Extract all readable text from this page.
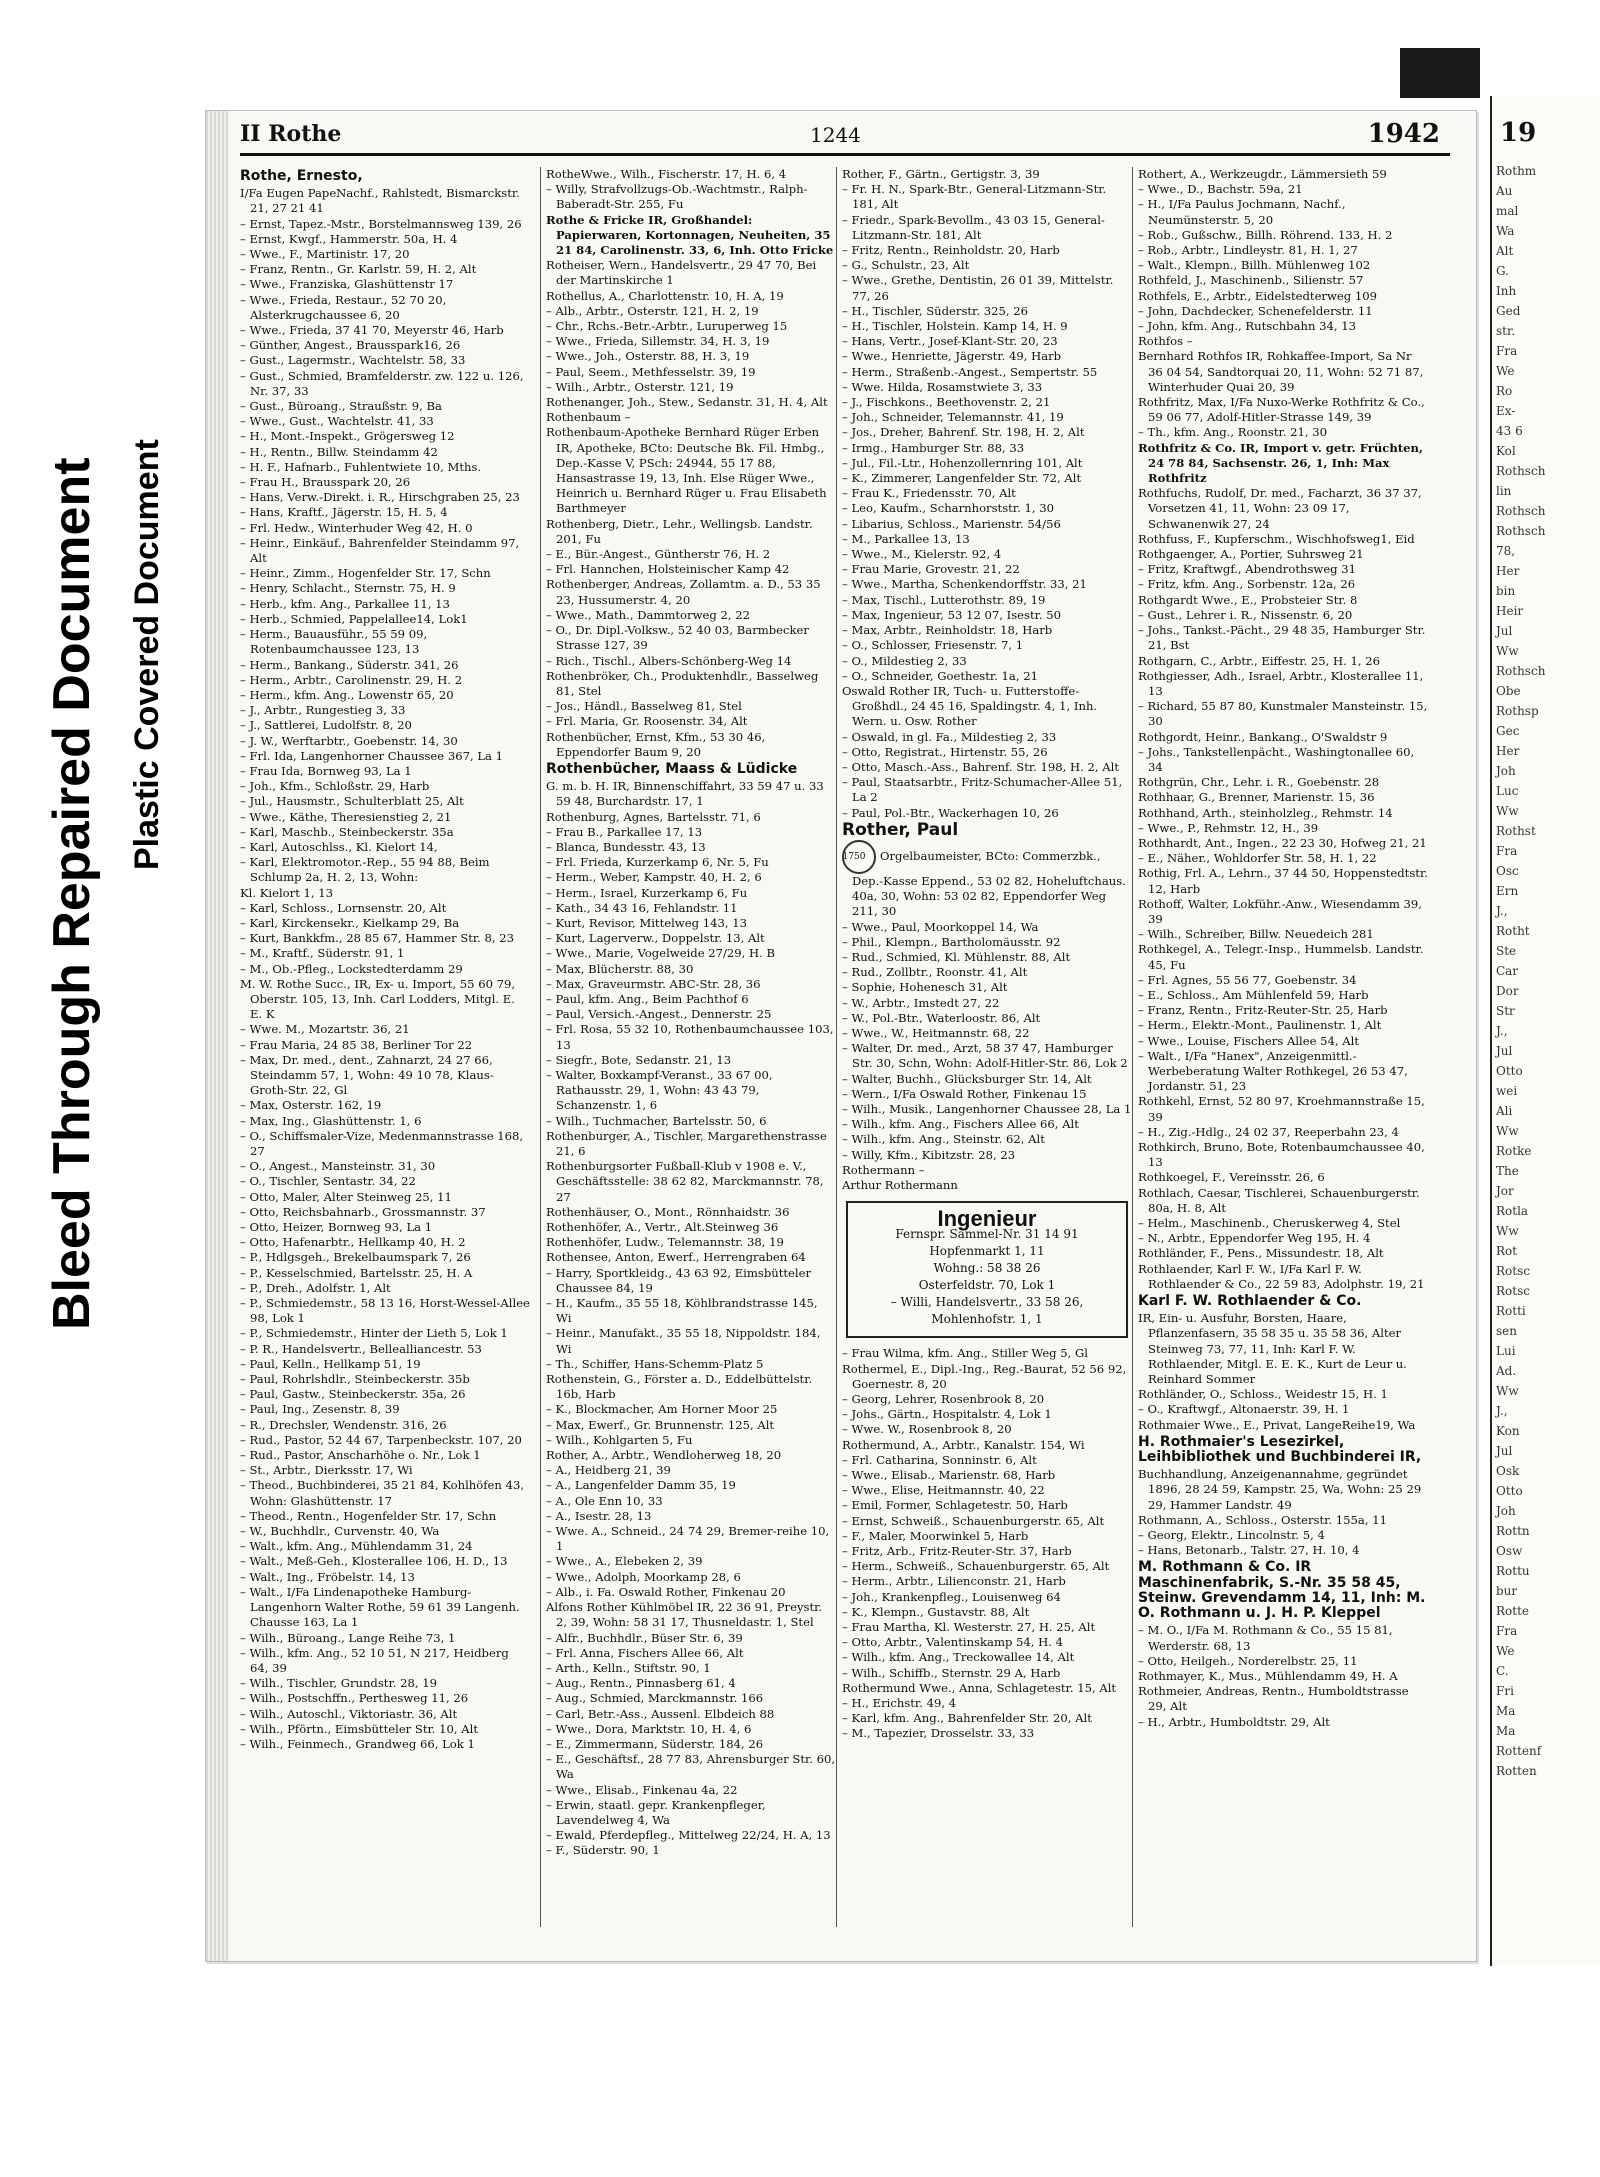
19
Rothm
Au
mal
Wa
Alt
G.
Inh
Ged
str.
Fra
We
Ro
Ex-
43 6
Kol
Rothsch
lin
Rothsch
Rothsch
78,
Her
bin
Heir
Jul
Ww
Rothsch
Obe
Rothsp
Gec
Her
Joh
Luc
Ww
Rothst
Fra
Osc
Ern
J.,
Rotht
Ste
Car
Dor
Str
J.,
Jul
Otto
wei
Ali
Ww
Rotke
The
Jor
Rotla
Ww
Rot
Rotsc
Rotsc
Rotti
sen
Lui
Ad.
Ww
J.,
Kon
Jul
Osk
Otto
Joh
Rottn
Osw
Rottu
bur
Rotte
Fra
We
C.
Fri
Ma
Ma
Rottenf
Rotten
Bleed Through Repaired Document Plastic Covered Document
II Rothe	1244	1942
Rothe, Ernesto,
I/Fa Eugen PapeNachf., Rahlstedt, Bismarckstr. 21, 27 21 41
– Ernst, Tapez.-Mstr., Borstelmannsweg 139, 26
– Ernst, Kwgf., Hammerstr. 50a, H. 4
– Wwe., F., Martinistr. 17, 20
– Franz, Rentn., Gr. Karlstr. 59, H. 2, Alt
– Wwe., Franziska, Glashüttenstr 17
– Wwe., Frieda, Restaur., 52 70 20, Alsterkrugchaussee 6, 20
– Wwe., Frieda, 37 41 70, Meyerstr 46, Harb
– Günther, Angest., Brausspark16, 26
– Gust., Lagermstr., Wachtelstr. 58, 33
– Gust., Schmied, Bramfelderstr. zw. 122 u. 126, Nr. 37, 33
– Gust., Büroang., Straußstr. 9, Ba
– Wwe., Gust., Wachtelstr. 41, 33
– H., Mont.-Inspekt., Grögersweg 12
– H., Rentn., Billw. Steindamm 42
– H. F., Hafnarb., Fuhlentwiete 10, Mths.
– Frau H., Brausspark 20, 26
– Hans, Verw.-Direkt. i. R., Hirschgraben 25, 23
– Hans, Kraftf., Jägerstr. 15, H. 5, 4
– Frl. Hedw., Winterhuder Weg 42, H. 0
– Heinr., Einkäuf., Bahrenfelder Steindamm 97, Alt
– Heinr., Zimm., Hogenfelder Str. 17, Schn
– Henry, Schlacht., Sternstr. 75, H. 9
– Herb., kfm. Ang., Parkallee 11, 13
– Herb., Schmied, Pappelallee14, Lok1
– Herm., Bauausführ., 55 59 09, Rotenbaumchaussee 123, 13
– Herm., Bankang., Süderstr. 341, 26
– Herm., Arbtr., Carolinenstr. 29, H. 2
– Herm., kfm. Ang., Lowenstr 65, 20
– J., Arbtr., Rungestieg 3, 33
– J., Sattlerei, Ludolfstr. 8, 20
– J. W., Werftarbtr., Goebenstr. 14, 30
– Frl. Ida, Langenhorner Chaussee 367, La 1
– Frau Ida, Bornweg 93, La 1
– Joh., Kfm., Schloßstr. 29, Harb
– Jul., Hausmstr., Schulterblatt 25, Alt
– Wwe., Käthe, Theresienstieg 2, 21
– Karl, Maschb., Steinbeckerstr. 35a
– Karl, Autoschlss., Kl. Kielort 14,
– Karl, Elektromotor.-Rep., 55 94 88, Beim Schlump 2a, H. 2, 13, Wohn:
Kl. Kielort 1, 13
– Karl, Schloss., Lornsenstr. 20, Alt
– Karl, Kirckensekr., Kielkamp 29, Ba
– Kurt, Bankkfm., 28 85 67, Hammer Str. 8, 23
– M., Kraftf., Süderstr. 91, 1
– M., Ob.-Pfleg., Lockstedterdamm 29
M. W. Rothe Succ., IR, Ex- u. Import, 55 60 79, Oberstr. 105, 13, Inh. Carl Lodders, Mitgl. E. E. K
– Wwe. M., Mozartstr. 36, 21
– Frau Maria, 24 85 38, Berliner Tor 22
– Max, Dr. med., dent., Zahnarzt, 24 27 66, Steindamm 57, 1, Wohn: 49 10 78, Klaus-Groth-Str. 22, Gl
– Max, Osterstr. 162, 19
– Max, Ing., Glashüttenstr. 1, 6
– O., Schiffsmaler-Vize, Medenmannstrasse 168, 27
– O., Angest., Mansteinstr. 31, 30
– O., Tischler, Sentastr. 34, 22
– Otto, Maler, Alter Steinweg 25, 11
– Otto, Reichsbahnarb., Grossmannstr. 37
– Otto, Heizer, Bornweg 93, La 1
– Otto, Hafenarbtr., Hellkamp 40, H. 2
– P., Hdlgsgeh., Brekelbaumspark 7, 26
– P., Kesselschmied, Bartelsstr. 25, H. A
– P., Dreh., Adolfstr. 1, Alt
– P., Schmiedemstr., 58 13 16, Horst-Wessel-Allee 98, Lok 1
– P., Schmiedemstr., Hinter der Lieth 5, Lok 1
– P. R., Handelsvertr., Bellealliancestr. 53
– Paul, Kelln., Hellkamp 51, 19
– Paul, Rohrlshdlr., Steinbeckerstr. 35b
– Paul, Gastw., Steinbeckerstr. 35a, 26
– Paul, Ing., Zesenstr. 8, 39
– R., Drechsler, Wendenstr. 316, 26
– Rud., Pastor, 52 44 67, Tarpenbeckstr. 107, 20
– Rud., Pastor, Anscharhöhe o. Nr., Lok 1
– St., Arbtr., Dierksstr. 17, Wi
– Theod., Buchbinderei, 35 21 84, Kohlhöfen 43, Wohn: Glashüttenstr. 17
– Theod., Rentn., Hogenfelder Str. 17, Schn
– W., Buchhdlr., Curvenstr. 40, Wa
– Walt., kfm. Ang., Mühlendamm 31, 24
– Walt., Meß-Geh., Klosterallee 106, H. D., 13
– Walt., Ing., Fröbelstr. 14, 13
– Walt., I/Fa Lindenapotheke Hamburg-Langenhorn Walter Rothe, 59 61 39 Langenh. Chausse 163, La 1
– Wilh., Büroang., Lange Reihe 73, 1
– Wilh., kfm. Ang., 52 10 51, N 217, Heidberg 64, 39
– Wilh., Tischler, Grundstr. 28, 19
– Wilh., Postschffn., Perthesweg 11, 26
– Wilh., Autoschl., Viktoriastr. 36, Alt
– Wilh., Pförtn., Eimsbütteler Str. 10, Alt
– Wilh., Feinmech., Grandweg 66, Lok 1
RotheWwe., Wilh., Fischerstr. 17, H. 6, 4
– Willy, Strafvollzugs-Ob.-Wachtmstr., Ralph-Baberadt-Str. 255, Fu
Rothe & Fricke IR, Großhandel: Papierwaren, Kortonnagen, Neuheiten, 35 21 84, Carolinenstr. 33, 6, Inh. Otto Fricke
Rotheiser, Wern., Handelsvertr., 29 47 70, Bei der Martinskirche 1
Rothellus, A., Charlottenstr. 10, H. A, 19
– Alb., Arbtr., Osterstr. 121, H. 2, 19
– Chr., Rchs.-Betr.-Arbtr., Luruperweg 15
– Wwe., Frieda, Sillemstr. 34, H. 3, 19
– Wwe., Joh., Osterstr. 88, H. 3, 19
– Paul, Seem., Methfesselstr. 39, 19
– Wilh., Arbtr., Osterstr. 121, 19
Rothenanger, Joh., Stew., Sedanstr. 31, H. 4, Alt
Rothenbaum –
Rothenbaum-Apotheke Bernhard Rüger Erben IR, Apotheke, BCto: Deutsche Bk. Fil. Hmbg., Dep.-Kasse V, PSch: 24944, 55 17 88, Hansastrasse 19, 13, Inh. Else Rüger Wwe., Heinrich u. Bernhard Rüger u. Frau Elisabeth Barthmeyer
Rothenberg, Dietr., Lehr., Wellingsb. Landstr. 201, Fu
– E., Bür.-Angest., Güntherstr 76, H. 2
– Frl. Hannchen, Holsteinischer Kamp 42
Rothenberger, Andreas, Zollamtm. a. D., 53 35 23, Hussumerstr. 4, 20
– Wwe., Math., Dammtorweg 2, 22
– O., Dr. Dipl.-Volksw., 52 40 03, Barmbecker Strasse 127, 39
– Rich., Tischl., Albers-Schönberg-Weg 14
Rothenbröker, Ch., Produktenhdlr., Basselweg 81, Stel
– Jos., Händl., Basselweg 81, Stel
– Frl. Maria, Gr. Roosenstr. 34, Alt
Rothenbücher, Ernst, Kfm., 53 30 46, Eppendorfer Baum 9, 20
Rothenbücher, Maass & Lüdicke
G. m. b. H. IR, Binnenschiffahrt, 33 59 47 u. 33 59 48, Burchardstr. 17, 1
Rothenburg, Agnes, Bartelsstr. 71, 6
– Frau B., Parkallee 17, 13
– Blanca, Bundesstr. 43, 13
– Frl. Frieda, Kurzerkamp 6, Nr. 5, Fu
– Herm., Weber, Kampstr. 40, H. 2, 6
– Herm., Israel, Kurzerkamp 6, Fu
– Kath., 34 43 16, Fehlandstr. 11
– Kurt, Revisor, Mittelweg 143, 13
– Kurt, Lagerverw., Doppelstr. 13, Alt
– Wwe., Marie, Vogelweide 27/29, H. B
– Max, Blücherstr. 88, 30
– Max, Graveurmstr. ABC-Str. 28, 36
– Paul, kfm. Ang., Beim Pachthof 6
– Paul, Versich.-Angest., Dennerstr. 25
– Frl. Rosa, 55 32 10, Rothenbaumchaussee 103, 13
– Siegfr., Bote, Sedanstr. 21, 13
– Walter, Boxkampf-Veranst., 33 67 00, Rathausstr. 29, 1, Wohn: 43 43 79, Schanzenstr. 1, 6
– Wilh., Tuchmacher, Bartelsstr. 50, 6
Rothenburger, A., Tischler, Margarethenstrasse 21, 6
Rothenburgsorter Fußball-Klub v 1908 e. V., Geschäftsstelle: 38 62 82, Marckmannstr. 78, 27
Rothenhäuser, O., Mont., Rönnhaidstr. 36
Rothenhöfer, A., Vertr., Alt.Steinweg 36
Rothenhöfer, Ludw., Telemannstr. 38, 19
Rothensee, Anton, Ewerf., Herrengraben 64
– Harry, Sportkleidg., 43 63 92, Eimsbütteler Chaussee 84, 19
– H., Kaufm., 35 55 18, Köhlbrandstrasse 145, Wi
– Heinr., Manufakt., 35 55 18, Nippoldstr. 184, Wi
– Th., Schiffer, Hans-Schemm-Platz 5
Rothenstein, G., Förster a. D., Eddelbüttelstr. 16b, Harb
– K., Blockmacher, Am Horner Moor 25
– Max, Ewerf., Gr. Brunnenstr. 125, Alt
– Wilh., Kohlgarten 5, Fu
Rother, A., Arbtr., Wendloherweg 18, 20
– A., Heidberg 21, 39
– A., Langenfelder Damm 35, 19
– A., Ole Enn 10, 33
– A., Isestr. 28, 13
– Wwe. A., Schneid., 24 74 29, Bremer-reihe 10, 1
– Wwe., A., Elebeken 2, 39
– Wwe., Adolph, Moorkamp 28, 6
– Alb., i. Fa. Oswald Rother, Finkenau 20
Alfons Rother Kühlmöbel IR, 22 36 91, Preystr. 2, 39, Wohn: 58 31 17, Thusneldastr. 1, Stel
– Alfr., Buchhdlr., Büser Str. 6, 39
– Frl. Anna, Fischers Allee 66, Alt
– Arth., Kelln., Stiftstr. 90, 1
– Aug., Rentn., Pinnasberg 61, 4
– Aug., Schmied, Marckmannstr. 166
– Carl, Betr.-Ass., Aussenl. Elbdeich 88
– Wwe., Dora, Marktstr. 10, H. 4, 6
– E., Zimmermann, Süderstr. 184, 26
– E., Geschäftsf., 28 77 83, Ahrensburger Str. 60, Wa
– Wwe., Elisab., Finkenau 4a, 22
– Erwin, staatl. gepr. Krankenpfleger, Lavendelweg 4, Wa
– Ewald, Pferdepfleg., Mittelweg 22/24, H. A, 13
– F., Süderstr. 90, 1
Rother, F., Gärtn., Gertigstr. 3, 39
– Fr. H. N., Spark-Btr., General-Litzmann-Str. 181, Alt
– Friedr., Spark-Bevollm., 43 03 15, General-Litzmann-Str. 181, Alt
– Fritz, Rentn., Reinholdstr. 20, Harb
– G., Schulstr., 23, Alt
– Wwe., Grethe, Dentistin, 26 01 39, Mittelstr. 77, 26
– H., Tischler, Süderstr. 325, 26
– H., Tischler, Holstein. Kamp 14, H. 9
– Hans, Vertr., Josef-Klant-Str. 20, 23
– Wwe., Henriette, Jägerstr. 49, Harb
– Herm., Straßenb.-Angest., Sempertstr. 55
– Wwe. Hilda, Rosamstwiete 3, 33
– J., Fischkons., Beethovenstr. 2, 21
– Joh., Schneider, Telemannstr. 41, 19
– Jos., Dreher, Bahrenf. Str. 198, H. 2, Alt
– Irmg., Hamburger Str. 88, 33
– Jul., Fil.-Ltr., Hohenzollernring 101, Alt
– K., Zimmerer, Langenfelder Str. 72, Alt
– Frau K., Friedensstr. 70, Alt
– Leo, Kaufm., Scharnhorststr. 1, 30
– Libarius, Schloss., Marienstr. 54/56
– M., Parkallee 13, 13
– Wwe., M., Kielerstr. 92, 4
– Frau Marie, Grovestr. 21, 22
– Wwe., Martha, Schenkendorffstr. 33, 21
– Max, Tischl., Lutterothstr. 89, 19
– Max, Ingenieur, 53 12 07, Isestr. 50
– Max, Arbtr., Reinholdstr. 18, Harb
– O., Schlosser, Friesenstr. 7, 1
– O., Mildestieg 2, 33
– O., Schneider, Goethestr. 1a, 21
Oswald Rother IR, Tuch- u. Futterstoffe-Großhdl., 24 45 16, Spaldingstr. 4, 1, Inh. Wern. u. Osw. Rother
– Oswald, in gl. Fa., Mildestieg 2, 33
– Otto, Registrat., Hirtenstr. 55, 26
– Otto, Masch.-Ass., Bahrenf. Str. 198, H. 2, Alt
– Paul, Staatsarbtr., Fritz-Schumacher-Allee 51, La 2
– Paul, Pol.-Btr., Wackerhagen 10, 26
Rother, Paul
1750 Orgelbaumeister, BCto: Commerzbk., Dep.-Kasse Eppend., 53 02 82, Hoheluftchaus. 40a, 30, Wohn: 53 02 82, Eppendorfer Weg 211, 30
– Wwe., Paul, Moorkoppel 14, Wa
– Phil., Klempn., Bartholomäusstr. 92
– Rud., Schmied, Kl. Mühlenstr. 88, Alt
– Rud., Zollbtr., Roonstr. 41, Alt
– Sophie, Hohenesch 31, Alt
– W., Arbtr., Imstedt 27, 22
– W., Pol.-Btr., Waterloostr. 86, Alt
– Wwe., W., Heitmannstr. 68, 22
– Walter, Dr. med., Arzt, 58 37 47, Hamburger Str. 30, Schn, Wohn: Adolf-Hitler-Str. 86, Lok 2
– Walter, Buchh., Glücksburger Str. 14, Alt
– Wern., I/Fa Oswald Rother, Finkenau 15
– Wilh., Musik., Langenhorner Chaussee 28, La 1
– Wilh., kfm. Ang., Fischers Allee 66, Alt
– Wilh., kfm. Ang., Steinstr. 62, Alt
– Willy, Kfm., Kibitzstr. 28, 23
Rothermann –
Arthur Rothermann
Ingenieur
Fernspr. Sammel-Nr. 31 14 91
Hopfenmarkt 1, 11
Wohng.: 58 38 26
Osterfeldstr. 70, Lok 1
– Willi, Handelsvertr., 33 58 26, Mohlenhofstr. 1, 1
– Frau Wilma, kfm. Ang., Stiller Weg 5, Gl
Rothermel, E., Dipl.-Ing., Reg.-Baurat, 52 56 92, Goernestr. 8, 20
– Georg, Lehrer, Rosenbrook 8, 20
– Johs., Gärtn., Hospitalstr. 4, Lok 1
– Wwe. W., Rosenbrook 8, 20
Rothermund, A., Arbtr., Kanalstr. 154, Wi
– Frl. Catharina, Sonninstr. 6, Alt
– Wwe., Elisab., Marienstr. 68, Harb
– Wwe., Elise, Heitmannstr. 40, 22
– Emil, Former, Schlagetestr. 50, Harb
– Ernst, Schweiß., Schauenburgerstr. 65, Alt
– F., Maler, Moorwinkel 5, Harb
– Fritz, Arb., Fritz-Reuter-Str. 37, Harb
– Herm., Schweiß., Schauenburgerstr. 65, Alt
– Herm., Arbtr., Lilienconstr. 21, Harb
– Joh., Krankenpfleg., Louisenweg 64
– K., Klempn., Gustavstr. 88, Alt
– Frau Martha, Kl. Westerstr. 27, H. 25, Alt
– Otto, Arbtr., Valentinskamp 54, H. 4
– Wilh., kfm. Ang., Treckowallee 14, Alt
– Wilh., Schiffb., Sternstr. 29 A, Harb
Rothermund Wwe., Anna, Schlagetestr. 15, Alt
– H., Erichstr. 49, 4
– Karl, kfm. Ang., Bahrenfelder Str. 20, Alt
– M., Tapezier, Drosselstr. 33, 33
Rothert, A., Werkzeugdr., Lämmersieth 59
– Wwe., D., Bachstr. 59a, 21
– H., I/Fa Paulus Jochmann, Nachf., Neumünsterstr. 5, 20
– Rob., Gußschw., Billh. Röhrend. 133, H. 2
– Rob., Arbtr., Lindleystr. 81, H. 1, 27
– Walt., Klempn., Billh. Mühlenweg 102
Rothfeld, J., Maschinenb., Silienstr. 57
Rothfels, E., Arbtr., Eidelstedterweg 109
– John, Dachdecker, Schenefelderstr. 11
– John, kfm. Ang., Rutschbahn 34, 13
Rothfos –
Bernhard Rothfos IR, Rohkaffee-Import, Sa Nr 36 04 54, Sandtorquai 20, 11, Wohn: 52 71 87, Winterhuder Quai 20, 39
Rothfritz, Max, I/Fa Nuxo-Werke Rothfritz & Co., 59 06 77, Adolf-Hitler-Strasse 149, 39
– Th., kfm. Ang., Roonstr. 21, 30
Rothfritz & Co. IR, Import v. getr. Früchten, 24 78 84, Sachsenstr. 26, 1, Inh: Max Rothfritz
Rothfuchs, Rudolf, Dr. med., Facharzt, 36 37 37, Vorsetzen 41, 11, Wohn: 23 09 17, Schwanenwik 27, 24
Rothfuss, F., Kupferschm., Wischhofsweg1, Eid
Rothgaenger, A., Portier, Suhrsweg 21
– Fritz, Kraftwgf., Abendrothsweg 31
– Fritz, kfm. Ang., Sorbenstr. 12a, 26
Rothgardt Wwe., E., Probsteier Str. 8
– Gust., Lehrer i. R., Nissenstr. 6, 20
– Johs., Tankst.-Pächt., 29 48 35, Hamburger Str. 21, Bst
Rothgarn, C., Arbtr., Eiffestr. 25, H. 1, 26
Rothgiesser, Adh., Israel, Arbtr., Klosterallee 11, 13
– Richard, 55 87 80, Kunstmaler Mansteinstr. 15, 30
Rothgordt, Heinr., Bankang., O'Swaldstr 9
– Johs., Tankstellenpächt., Washingtonallee 60, 34
Rothgrün, Chr., Lehr. i. R., Goebenstr. 28
Rothhaar, G., Brenner, Marienstr. 15, 36
Rothhand, Arth., steinholzleg., Rehmstr. 14
– Wwe., P., Rehmstr. 12, H., 39
Rothhardt, Ant., Ingen., 22 23 30, Hofweg 21, 21
– E., Näher., Wohldorfer Str. 58, H. 1, 22
Rothig, Frl. A., Lehrn., 37 44 50, Hoppenstedtstr. 12, Harb
Rothoff, Walter, Lokführ.-Anw., Wiesendamm 39, 39
– Wilh., Schreiber, Billw. Neuedeich 281
Rothkegel, A., Telegr.-Insp., Hummelsb. Landstr. 45, Fu
– Frl. Agnes, 55 56 77, Goebenstr. 34
– E., Schloss., Am Mühlenfeld 59, Harb
– Franz, Rentn., Fritz-Reuter-Str. 25, Harb
– Herm., Elektr.-Mont., Paulinenstr. 1, Alt
– Wwe., Louise, Fischers Allee 54, Alt
– Walt., I/Fa "Hanex", Anzeigenmittl.-Werbeberatung Walter Rothkegel, 26 53 47, Jordanstr. 51, 23
Rothkehl, Ernst, 52 80 97, Kroehmannstraße 15, 39
– H., Zig.-Hdlg., 24 02 37, Reeperbahn 23, 4
Rothkirch, Bruno, Bote, Rotenbaumchaussee 40, 13
Rothkoegel, F., Vereinsstr. 26, 6
Rothlach, Caesar, Tischlerei, Schauenburgerstr. 80a, H. 8, Alt
– Helm., Maschinenb., Cheruskerweg 4, Stel
– N., Arbtr., Eppendorfer Weg 195, H. 4
Rothländer, F., Pens., Missundestr. 18, Alt
Rothlaender, Karl F. W., I/Fa Karl F. W. Rothlaender & Co., 22 59 83, Adolphstr. 19, 21
Karl F. W. Rothlaender & Co.
IR, Ein- u. Ausfuhr, Borsten, Haare, Pflanzenfasern, 35 58 35 u. 35 58 36, Alter Steinweg 73, 77, 11, Inh: Karl F. W. Rothlaender, Mitgl. E. E. K., Kurt de Leur u. Reinhard Sommer
Rothländer, O., Schloss., Weidestr 15, H. 1
– O., Kraftwgf., Altonaerstr. 39, H. 1
Rothmaier Wwe., E., Privat, LangeReihe19, Wa
H. Rothmaier's Lesezirkel, Leihbibliothek und Buchbinderei IR,
Buchhandlung, Anzeigenannahme, gegründet 1896, 28 24 59, Kampstr. 25, Wa, Wohn: 25 29 29, Hammer Landstr. 49
Rothmann, A., Schloss., Osterstr. 155a, 11
– Georg, Elektr., Lincolnstr. 5, 4
– Hans, Betonarb., Talstr. 27, H. 10, 4
M. Rothmann & Co. IR Maschinenfabrik, S.-Nr. 35 58 45, Steinw. Grevendamm 14, 11, Inh: M. O. Rothmann u. J. H. P. Kleppel
– M. O., I/Fa M. Rothmann & Co., 55 15 81, Werderstr. 68, 13
– Otto, Heilgeh., Norderelbstr. 25, 11
Rothmayer, K., Mus., Mühlendamm 49, H. A
Rothmeier, Andreas, Rentn., Humboldtstrasse 29, Alt
– H., Arbtr., Humboldtstr. 29, Alt
